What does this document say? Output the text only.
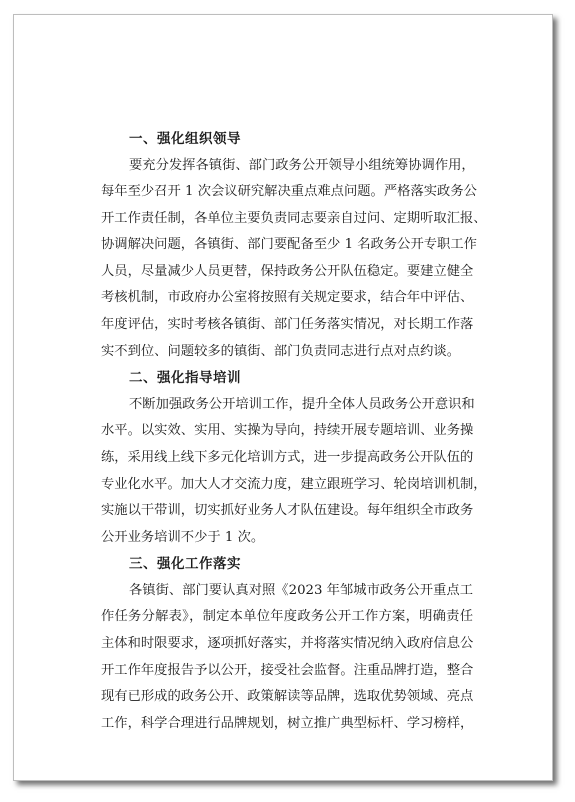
一、强化组织领导
要充分发挥各镇街、部门政务公开领导小组统筹协调作用，
每年至少召开 1 次会议研究解决重点难点问题。严格落实政务公
开工作责任制，各单位主要负责同志要亲自过问、定期听取汇报、
协调解决问题，各镇街、部门要配备至少 1 名政务公开专职工作
人员，尽量减少人员更替，保持政务公开队伍稳定。要建立健全
考核机制，市政府办公室将按照有关规定要求，结合年中评估、
年度评估，实时考核各镇街、部门任务落实情况，对长期工作落
实不到位、问题较多的镇街、部门负责同志进行点对点约谈。
二、强化指导培训
不断加强政务公开培训工作，提升全体人员政务公开意识和
水平。以实效、实用、实操为导向，持续开展专题培训、业务操
练，采用线上线下多元化培训方式，进一步提高政务公开队伍的
专业化水平。加大人才交流力度，建立跟班学习、轮岗培训机制，
实施以干带训，切实抓好业务人才队伍建设。每年组织全市政务
公开业务培训不少于 1 次。
三、强化工作落实
各镇街、部门要认真对照《2023 年邹城市政务公开重点工
作任务分解表》，制定本单位年度政务公开工作方案，明确责任
主体和时限要求，逐项抓好落实，并将落实情况纳入政府信息公
开工作年度报告予以公开，接受社会监督。注重品牌打造，整合
现有已形成的政务公开、政策解读等品牌，选取优势领域、亮点
工作，科学合理进行品牌规划，树立推广典型标杆、学习榜样，
